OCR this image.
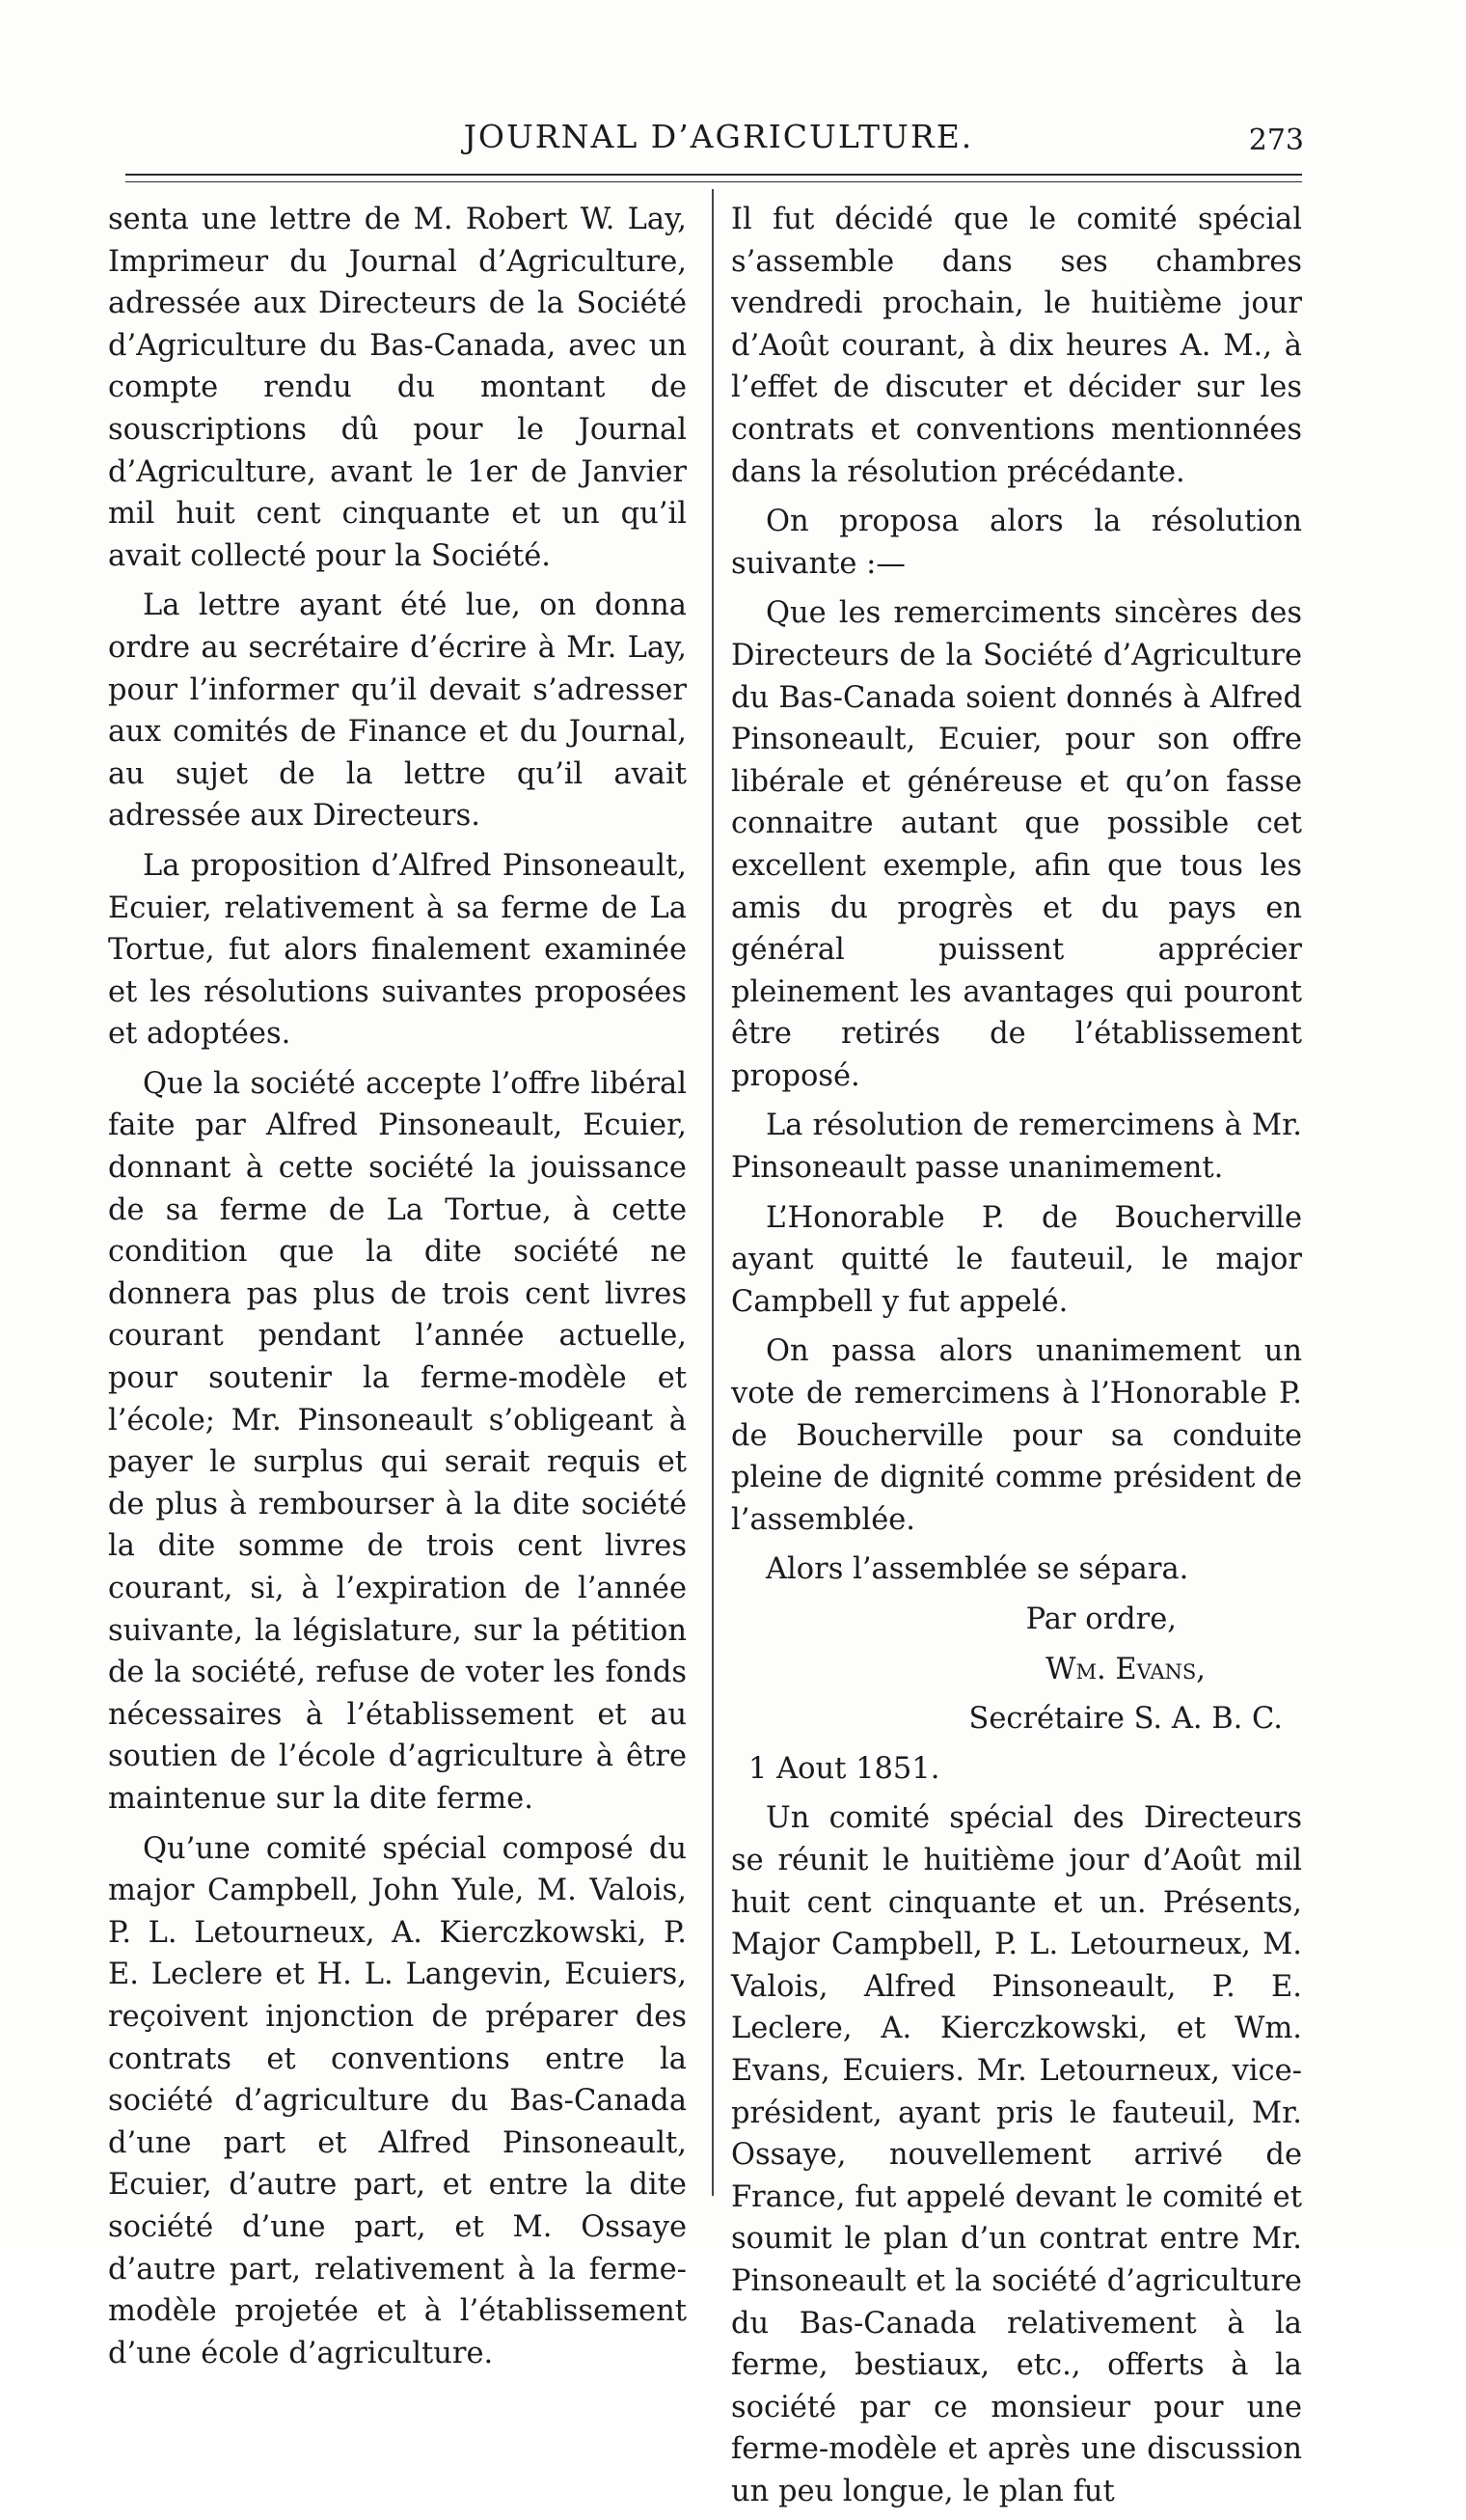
JOURNAL D’AGRICULTURE.	273

senta une lettre de M. Robert W. Lay, Imprimeur du Journal d’Agriculture, adressée aux Directeurs de la Société d’Agriculture du Bas-Canada, avec un compte rendu du montant de souscriptions dû pour le Journal d’Agriculture, avant le 1er de Janvier mil huit cent cinquante et un qu’il avait collecté pour la Société.

La lettre ayant été lue, on donna ordre au secrétaire d’écrire à Mr. Lay, pour l’informer qu’il devait s’adresser aux comités de Finance et du Journal, au sujet de la lettre qu’il avait adressée aux Directeurs.

La proposition d’Alfred Pinsoneault, Ecuier, relativement à sa ferme de La Tortue, fut alors finalement examinée et les résolutions suivantes proposées et adoptées.

Que la société accepte l’offre libéral faite par Alfred Pinsoneault, Ecuier, donnant à cette société la jouissance de sa ferme de La Tortue, à cette condition que la dite société ne donnera pas plus de trois cent livres courant pendant l’année actuelle, pour soutenir la ferme-modèle et l’école; Mr. Pinsoneault s’obligeant à payer le surplus qui serait requis et de plus à rembourser à la dite société la dite somme de trois cent livres courant, si, à l’expiration de l’année suivante, la législature, sur la pétition de la société, refuse de voter les fonds nécessaires à l’établissement et au soutien de l’école d’agriculture à être maintenue sur la dite ferme.

Qu’une comité spécial composé du major Campbell, John Yule, M. Valois, P. L. Letourneux, A. Kierczkowski, P. E. Leclere et H. L. Langevin, Ecuiers, reçoivent injonction de préparer des contrats et conventions entre la société d’agriculture du Bas-Canada d’une part et Alfred Pinsoneault, Ecuier, d’autre part, et entre la dite société d’une part, et M. Ossaye d’autre part, relativement à la ferme-modèle projetée et à l’établissement d’une école d’agriculture.

Il fut décidé que le comité spécial s’assemble dans ses chambres vendredi prochain, le huitième jour d’Août courant, à dix heures A. M., à l’effet de discuter et décider sur les contrats et conventions mentionnées dans la résolution précédante.

On proposa alors la résolution suivante :—

Que les remerciments sincères des Directeurs de la Société d’Agriculture du Bas-Canada soient donnés à Alfred Pinsoneault, Ecuier, pour son offre libérale et généreuse et qu’on fasse connaitre autant que possible cet excellent exemple, afin que tous les amis du progrès et du pays en général puissent apprécier pleinement les avantages qui pouront être retirés de l’établissement proposé.

La résolution de remercimens à Mr. Pinsoneault passe unanimement.

L’Honorable P. de Boucherville ayant quitté le fauteuil, le major Campbell y fut appelé.

On passa alors unanimement un vote de remercimens à l’Honorable P. de Boucherville pour sa conduite pleine de dignité comme président de l’assemblée.

Alors l’assemblée se sépara.

Par ordre,

Wm. Evans,

Secrétaire S. A. B. C.

1 Aout 1851.

Un comité spécial des Directeurs se réunit le huitième jour d’Août mil huit cent cinquante et un. Présents, Major Campbell, P. L. Letourneux, M. Valois, Alfred Pinsoneault, P. E. Leclere, A. Kierczkowski, et Wm. Evans, Ecuiers. Mr. Letourneux, vice-président, ayant pris le fauteuil, Mr. Ossaye, nouvellement arrivé de France, fut appelé devant le comité et soumit le plan d’un contrat entre Mr. Pinsoneault et la société d’agriculture du Bas-Canada relativement à la ferme, bestiaux, etc., offerts à la société par ce monsieur pour une ferme-modèle et après une discussion un peu longue, le plan fut
